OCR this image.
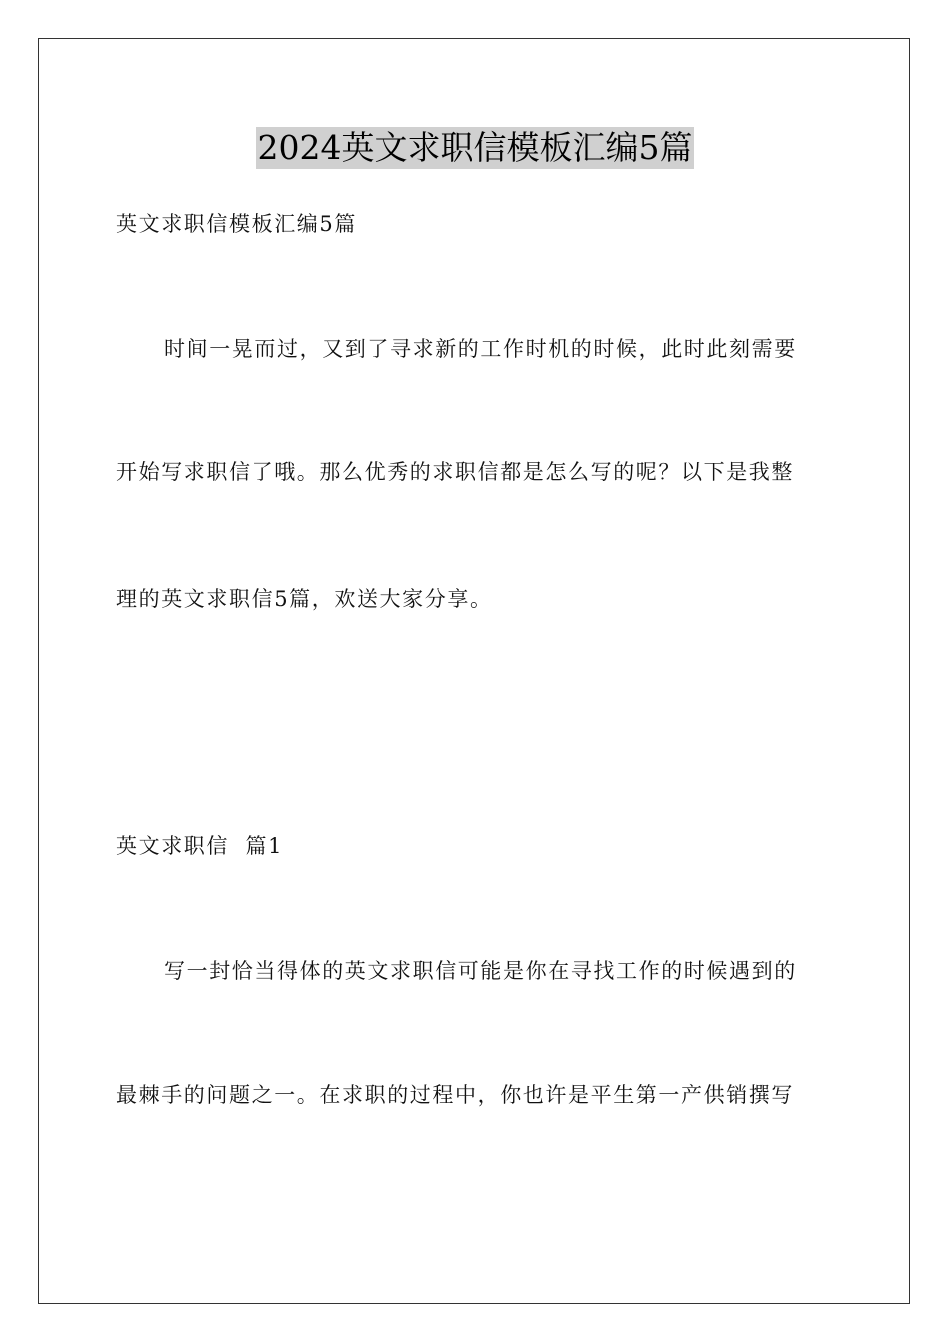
2024英文求职信模板汇编5篇
英文求职信模板汇编5篇
时间一晃而过，又到了寻求新的工作时机的时候，此时此刻需要
开始写求职信了哦。那么优秀的求职信都是怎么写的呢？以下是我整
理的英文求职信5篇，欢送大家分享。
英文求职信  篇1
写一封恰当得体的英文求职信可能是你在寻找工作的时候遇到的
最棘手的问题之一。在求职的过程中，你也许是平生第一产供销撰写
